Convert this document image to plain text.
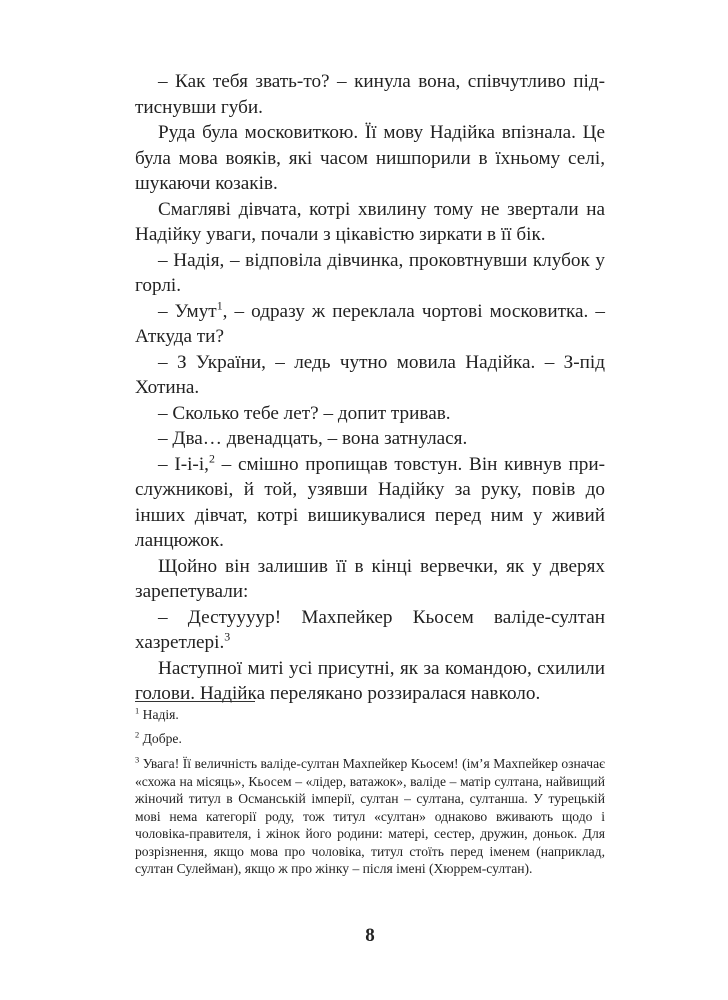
– Как тебя звать-то? – кинула вона, співчутливо підтиснувши губи.

Руда була московиткою. Її мову Надійка впізнала. Це була мова вояків, які часом нишпорили в їхньому селі, шукаючи козаків.

Смагляві дівчата, котрі хвилину тому не звертали на Надійку уваги, почали з цікавістю зиркати в її бік.

– Надія, – відповіла дівчинка, проковтнувши клубок у горлі.

– Умут$^1$, – одразу ж переклала чортові московитка. – Аткуда ти?

– З України, – ледь чутно мовила Надійка. – З-під Хотина.

– Сколько тебе лет? – допит тривав.

– Два… двенадцать, – вона затнулася.

– І-і-і,$^2$ – смішно пропищав товстун. Він кивнув прислужникові, й той, узявши Надійку за руку, повів до інших дівчат, котрі вишикувалися перед ним у живий ланцюжок.

Щойно він залишив її в кінці вервечки, як у дверях зарепетували:

– Дестуууур! Махпейкер Кьосем валіде-султан хазретлері.$^3$

Наступної миті усі присутні, як за командою, схилили голови. Надійка перелякано роззиралася навколо.

$^1$ Надія.

$^2$ Добре.

$^3$ Увага! Її величність валіде-султан Махпейкер Кьосем! (ім’я Махпейкер означає «схожа на місяць», Кьосем – «лідер, ватажок», валіде – матір султана, найвищий жіночий титул в Османській імперії, султан – султана, султанша. У турецькій мові нема категорії роду, тож титул «султан» однаково вживають щодо і чоловіка-правителя, і жінок його родини: матері, сестер, дружин, доньок. Для розрізнення, якщо мова про чоловіка, титул стоїть перед іменем (наприклад, султан Сулейман), якщо ж про жінку – після імені (Хюррем-султан).

8
